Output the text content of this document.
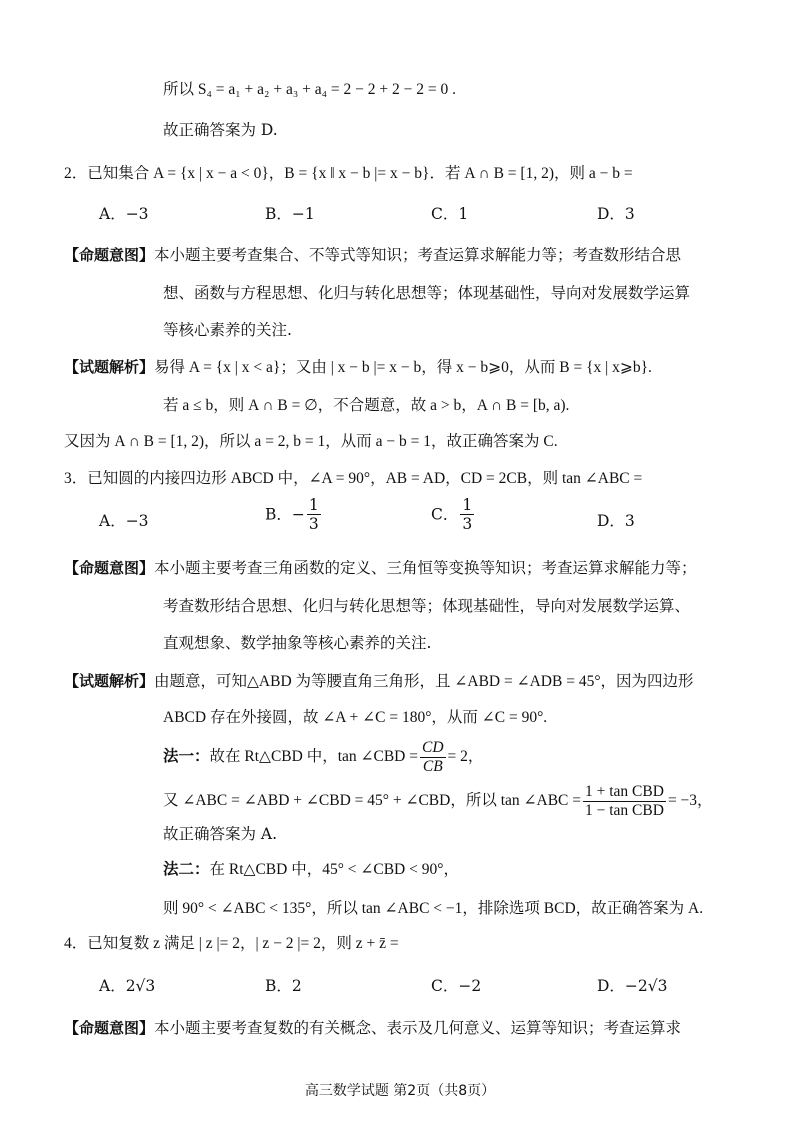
所以 S₄ = a₁ + a₂ + a₃ + a₄ = 2 − 2 + 2 − 2 = 0 .
故正确答案为 D.
2．已知集合 A = {x | x − a < 0}，B = {x ‖ x − b |= x − b}．若 A ∩ B = [1, 2)，则 a − b =
A．−3	B．−1	C．1	D．3
【命题意图】本小题主要考查集合、不等式等知识；考查运算求解能力等；考查数形结合思
想、函数与方程思想、化归与转化思想等；体现基础性，导向对发展数学运算
等核心素养的关注.
【试题解析】易得 A = {x | x < a}；又由 | x − b |= x − b，得 x − b⩾0，从而 B = {x | x⩾b}.
若 a ≤ b，则 A ∩ B = ∅，不合题意，故 a > b，A ∩ B = [b, a).
又因为 A ∩ B = [1, 2)，所以 a = 2, b = 1，从而 a − b = 1，故正确答案为 C.
3．已知圆的内接四边形 ABCD 中，∠A = 90°，AB = AD，CD = 2CB，则 tan ∠ABC =
A．−3	B．− $\frac{1}{3}$	C． $\frac{1}{3}$	D．3
【命题意图】本小题主要考查三角函数的定义、三角恒等变换等知识；考查运算求解能力等；
考查数形结合思想、化归与转化思想等；体现基础性，导向对发展数学运算、
直观想象、数学抽象等核心素养的关注.
【试题解析】由题意，可知△ABD 为等腰直角三角形，且 ∠ABD = ∠ADB = 45°，因为四边形
ABCD 存在外接圆，故 ∠A + ∠C = 180°，从而 ∠C = 90°.
法一：故在 Rt△CBD 中，tan ∠CBD = $\frac{CD}{CB} = 2$，
又 ∠ABC = ∠ABD + ∠CBD = 45° + ∠CBD，所以 tan ∠ABC = $\frac{\text{1 + tan CBD}}{\text{1 − tan CBD}} = -3$，
故正确答案为 A.
法二：在 Rt△CBD 中，45° < ∠CBD < 90°，
则 90° < ∠ABC < 135°，所以 tan ∠ABC < −1，排除选项 BCD，故正确答案为 A.
4．已知复数 z 满足 | z |= 2，| z − 2 |= 2，则 z + z̄ =
A．2√3	B．2	C．−2	D．−2√3
【命题意图】本小题主要考查复数的有关概念、表示及几何意义、运算等知识；考查运算求
高三数学试题 第2页（共8页）
